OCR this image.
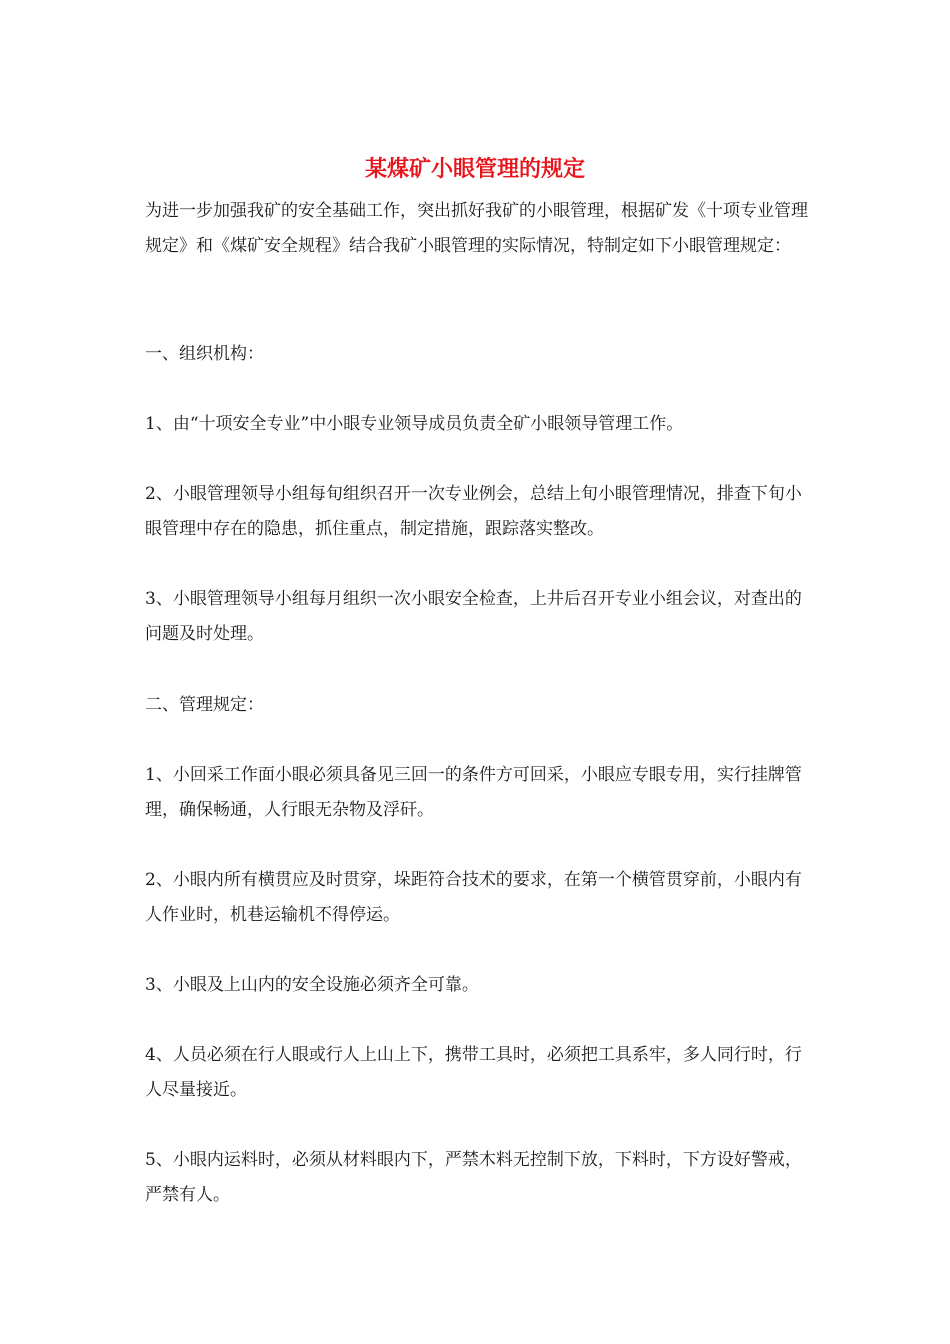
某煤矿小眼管理的规定

为进一步加强我矿的安全基础工作，突出抓好我矿的小眼管理，根据矿发《十项专业管理规定》和《煤矿安全规程》结合我矿小眼管理的实际情况，特制定如下小眼管理规定：

一、组织机构：

1、由“十项安全专业”中小眼专业领导成员负责全矿小眼领导管理工作。

2、小眼管理领导小组每旬组织召开一次专业例会，总结上旬小眼管理情况，排查下旬小眼管理中存在的隐患，抓住重点，制定措施，跟踪落实整改。

3、小眼管理领导小组每月组织一次小眼安全检查，上井后召开专业小组会议，对查出的问题及时处理。

二、管理规定：

1、小回采工作面小眼必须具备见三回一的条件方可回采，小眼应专眼专用，实行挂牌管理，确保畅通，人行眼无杂物及浮矸。

2、小眼内所有横贯应及时贯穿，垛距符合技术的要求，在第一个横管贯穿前，小眼内有人作业时，机巷运输机不得停运。

3、小眼及上山内的安全设施必须齐全可靠。

4、人员必须在行人眼或行人上山上下，携带工具时，必须把工具系牢，多人同行时，行人尽量接近。

5、小眼内运料时，必须从材料眼内下，严禁木料无控制下放，下料时，下方设好警戒，严禁有人。
